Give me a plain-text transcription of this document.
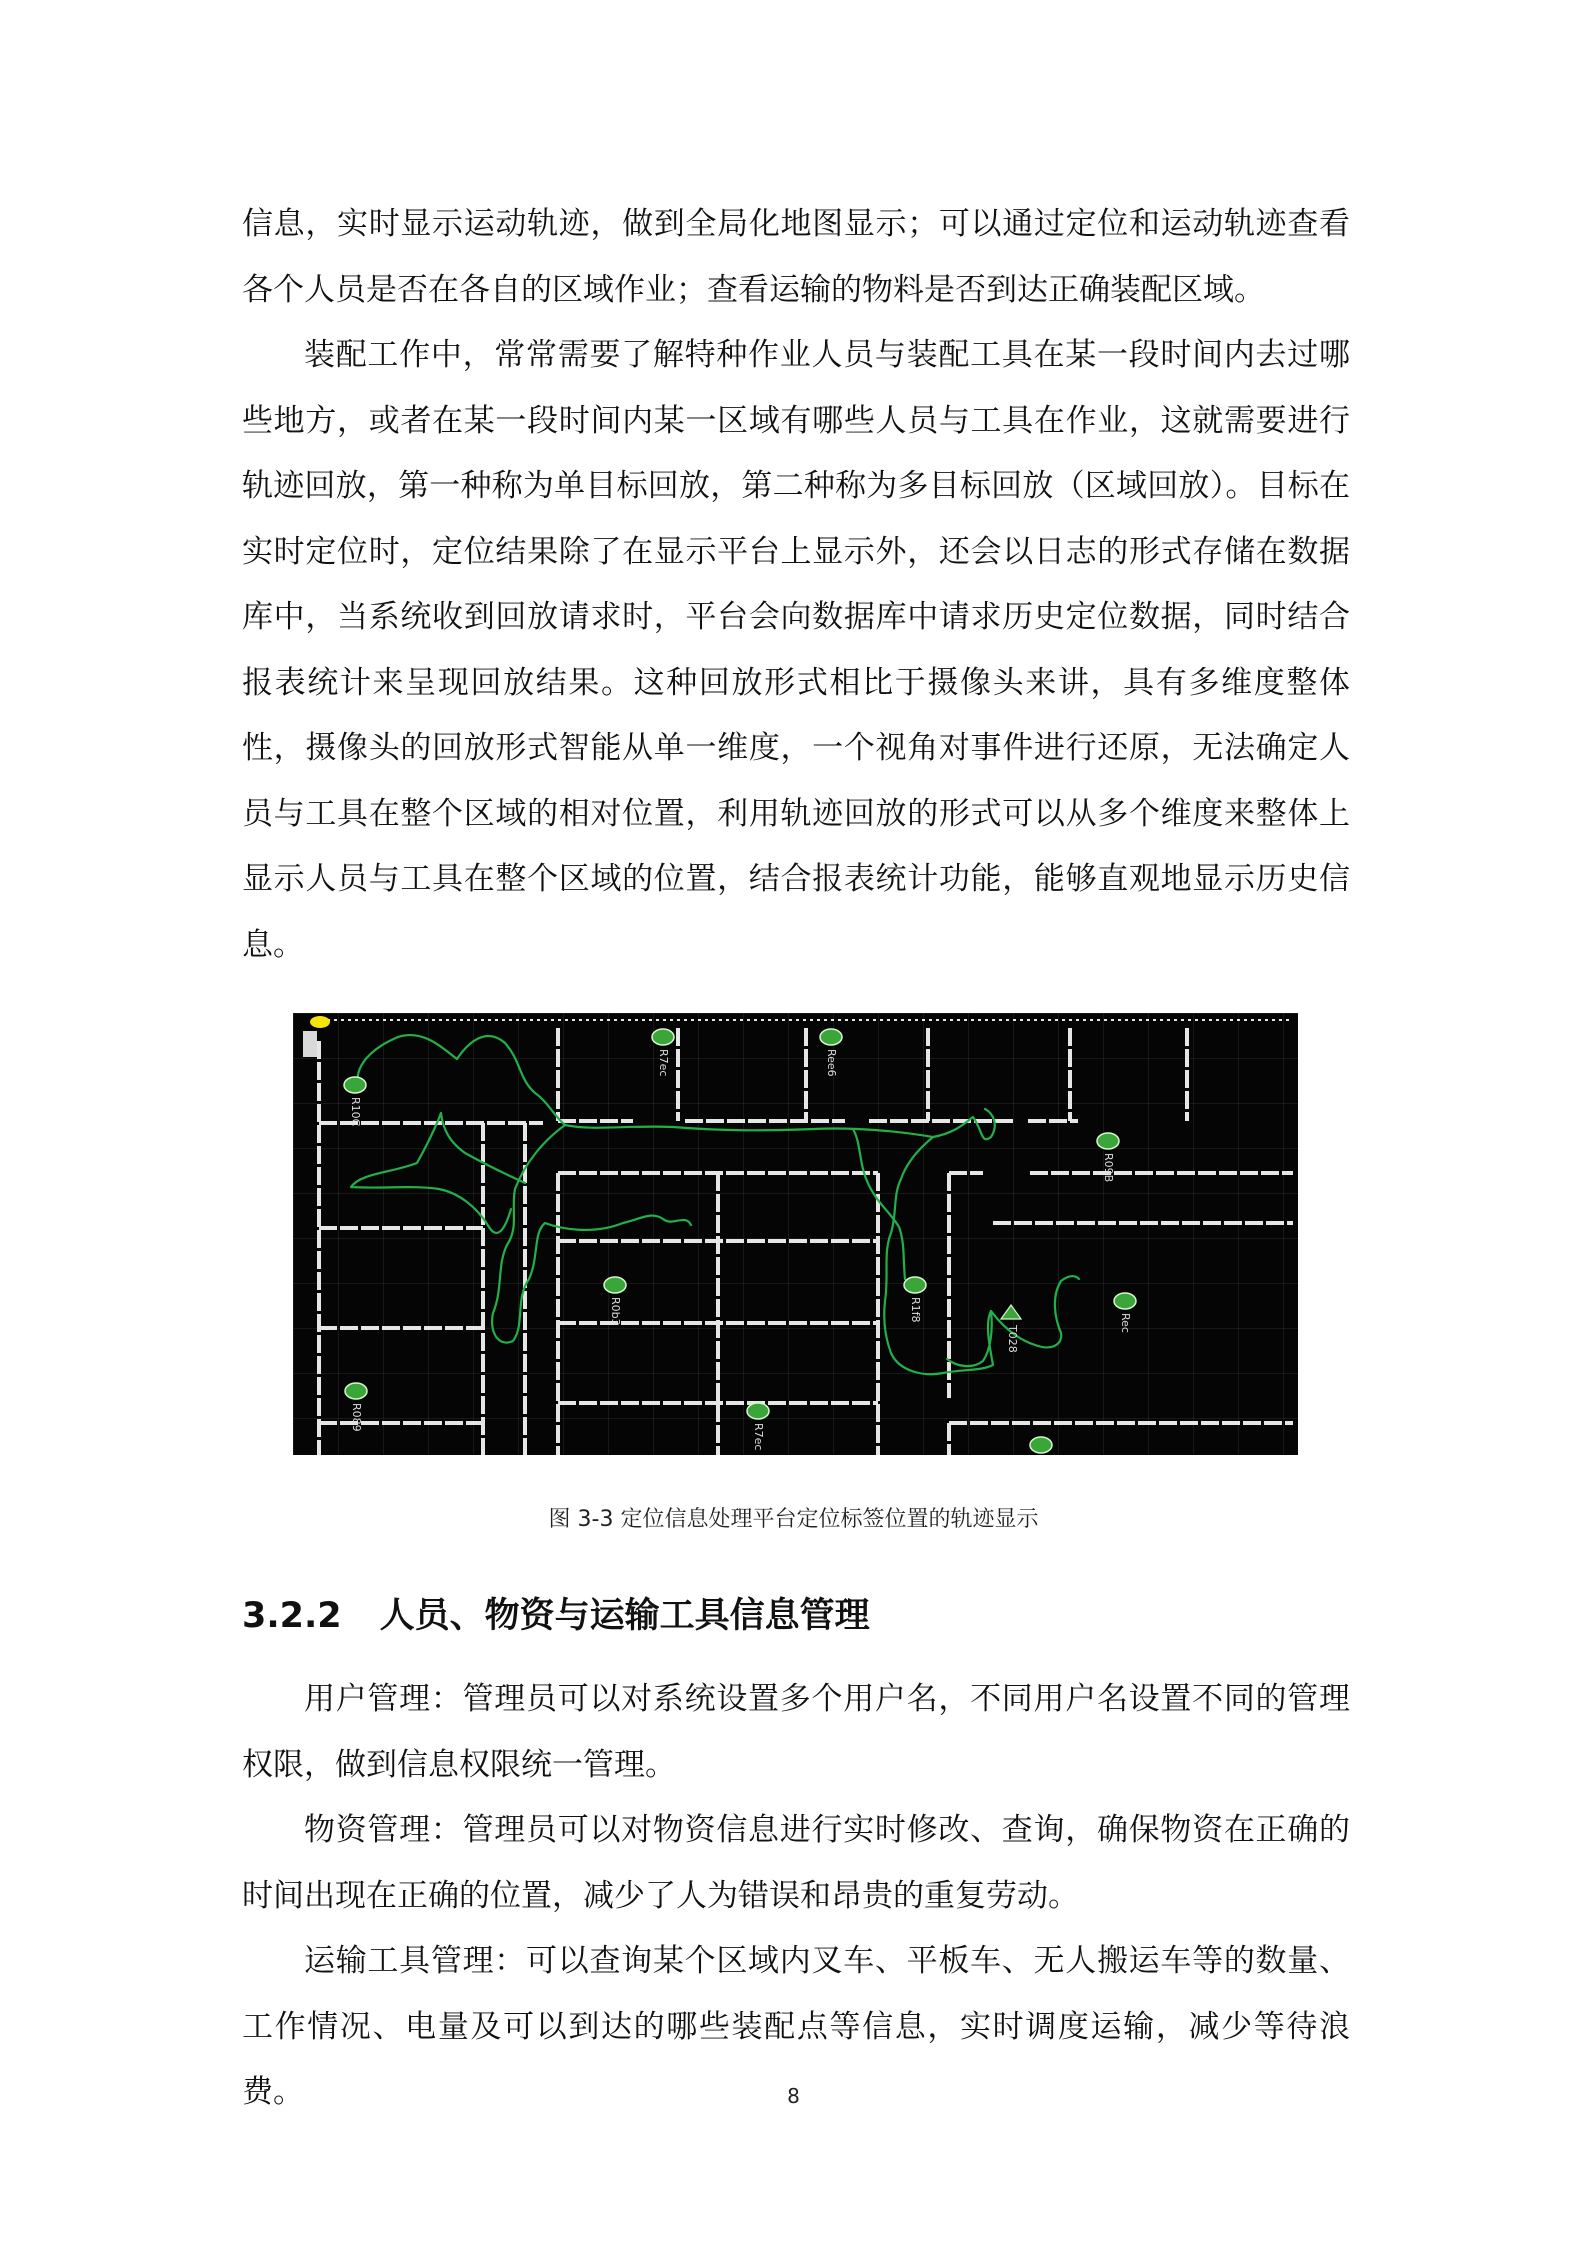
信息，实时显示运动轨迹，做到全局化地图显示；可以通过定位和运动轨迹查看各个人员是否在各自的区域作业；查看运输的物料是否到达正确装配区域。

装配工作中，常常需要了解特种作业人员与装配工具在某一段时间内去过哪些地方，或者在某一段时间内某一区域有哪些人员与工具在作业，这就需要进行轨迹回放，第一种称为单目标回放，第二种称为多目标回放（区域回放）。目标在实时定位时，定位结果除了在显示平台上显示外，还会以日志的形式存储在数据库中，当系统收到回放请求时，平台会向数据库中请求历史定位数据，同时结合报表统计来呈现回放结果。这种回放形式相比于摄像头来讲，具有多维度整体性，摄像头的回放形式智能从单一维度，一个视角对事件进行还原，无法确定人员与工具在整个区域的相对位置，利用轨迹回放的形式可以从多个维度来整体上显示人员与工具在整个区域的位置，结合报表统计功能，能够直观地显示历史信息。

R10C
R7ec	Ree6
R09B
R0b3	R1f8
Rec
R089
R7ec
T028
图 3-3 定位信息处理平台定位标签位置的轨迹显示
3.2.2 人员、物资与运输工具信息管理

用户管理：管理员可以对系统设置多个用户名，不同用户名设置不同的管理权限，做到信息权限统一管理。

物资管理：管理员可以对物资信息进行实时修改、查询，确保物资在正确的时间出现在正确的位置，减少了人为错误和昂贵的重复劳动。

运输工具管理：可以查询某个区域内叉车、平板车、无人搬运车等的数量、工作情况、电量及可以到达的哪些装配点等信息，实时调度运输，减少等待浪费。	8
